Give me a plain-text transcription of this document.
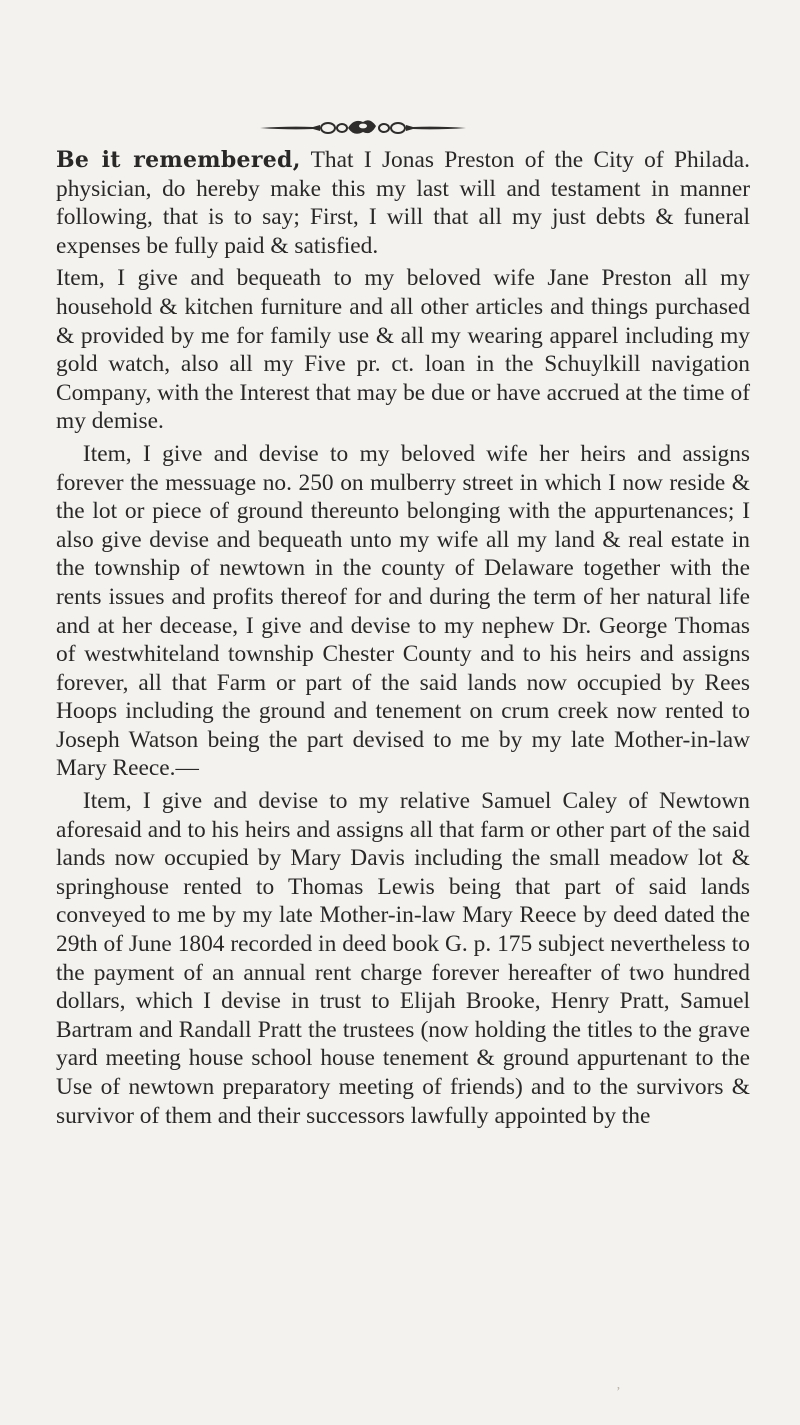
Be it remembered, That I Jonas Preston of the City of Philada. physician, do hereby make this my last will and testament in manner following, that is to say; First, I will that all my just debts & funeral expenses be fully paid & satisfied.

Item, I give and bequeath to my beloved wife Jane Preston all my household & kitchen furniture and all other articles and things purchased & provided by me for family use & all my wearing apparel including my gold watch, also all my Five pr. ct. loan in the Schuylkill navigation Company, with the Interest that may be due or have accrued at the time of my demise.

Item, I give and devise to my beloved wife her heirs and assigns forever the messuage no. 250 on mulberry street in which I now reside & the lot or piece of ground thereunto belonging with the appurtenances; I also give devise and bequeath unto my wife all my land & real estate in the township of newtown in the county of Delaware together with the rents issues and profits thereof for and during the term of her natural life and at her decease, I give and devise to my nephew Dr. George Thomas of westwhiteland township Chester County and to his heirs and assigns forever, all that Farm or part of the said lands now occupied by Rees Hoops including the ground and tenement on crum creek now rented to Joseph Watson being the part devised to me by my late Mother-in-law Mary Reece.—

Item, I give and devise to my relative Samuel Caley of Newtown aforesaid and to his heirs and assigns all that farm or other part of the said lands now occupied by Mary Davis including the small meadow lot & springhouse rented to Thomas Lewis being that part of said lands conveyed to me by my late Mother-in-law Mary Reece by deed dated the 29th of June 1804 recorded in deed book G. p. 175 subject nevertheless to the payment of an annual rent charge forever hereafter of two hundred dollars, which I devise in trust to Elijah Brooke, Henry Pratt, Samuel Bartram and Randall Pratt the trustees (now holding the titles to the grave yard meeting house school house tenement & ground appurtenant to the Use of newtown preparatory meeting of friends) and to the survivors & survivor of them and their successors lawfully appointed by the

’
